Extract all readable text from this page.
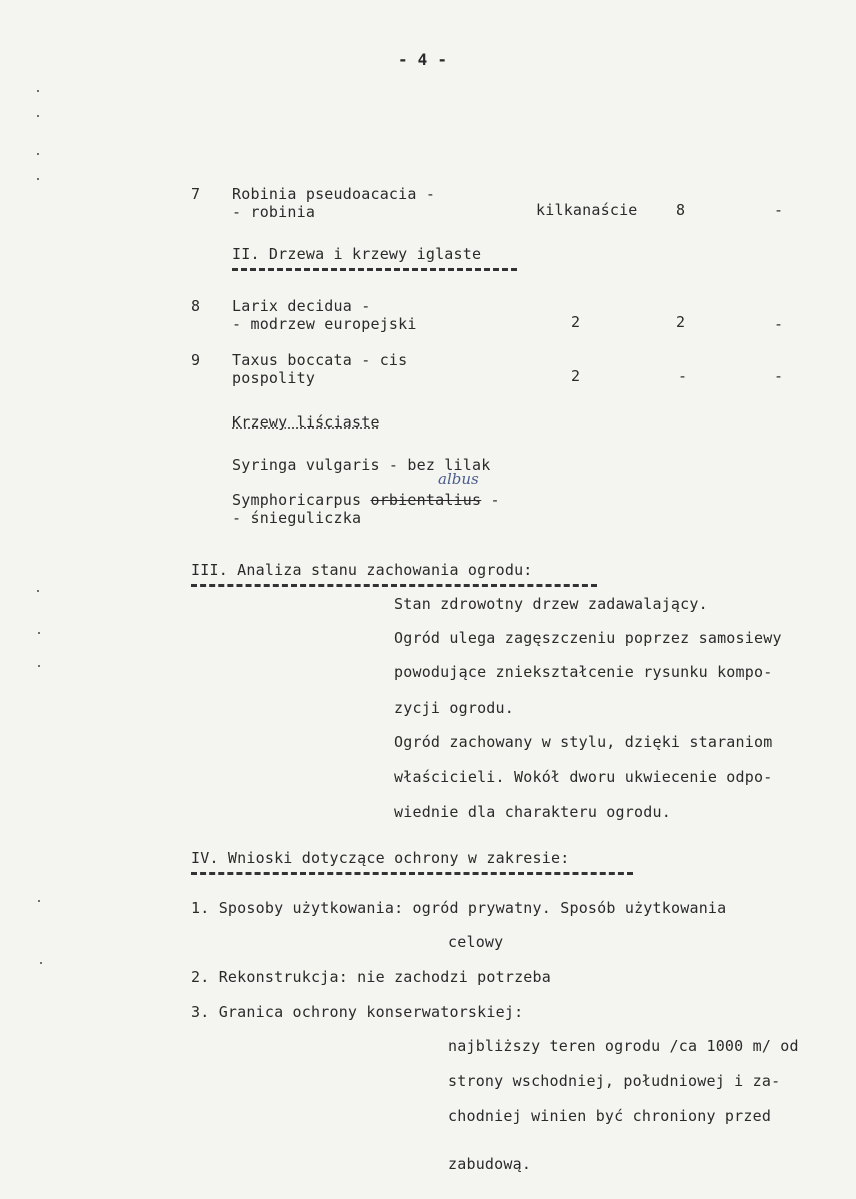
- 4 -
7 Robinia pseudoacacia -
- robinia	kilkanaście	8	-
II. Drzewa i krzewy iglaste
8 Larix decidua -
- modrzew europejski	2	2	-
9 Taxus boccata - cis
pospolity	2	-	-
Krzewy liściaste
Syringa vulgaris - bez lilak
albus
Symphoricarpus orbientalius -
- śnieguliczka
III. Analiza stanu zachowania ogrodu:
Stan zdrowotny drzew zadawalający.
Ogród ulega zagęszczeniu poprzez samosiewy
powodujące zniekształcenie rysunku kompo-
zycji ogrodu.
Ogród zachowany w stylu, dzięki staraniom
właścicieli. Wokół dworu ukwiecenie odpo-
wiednie dla charakteru ogrodu.
IV. Wnioski dotyczące ochrony w zakresie:
1. Sposoby użytkowania: ogród prywatny. Sposób użytkowania
celowy
2. Rekonstrukcja: nie zachodzi potrzeba
3. Granica ochrony konserwatorskiej:
najbliższy teren ogrodu /ca 1000 m/ od
strony wschodniej, południowej i za-
chodniej winien być chroniony przed
zabudową.
